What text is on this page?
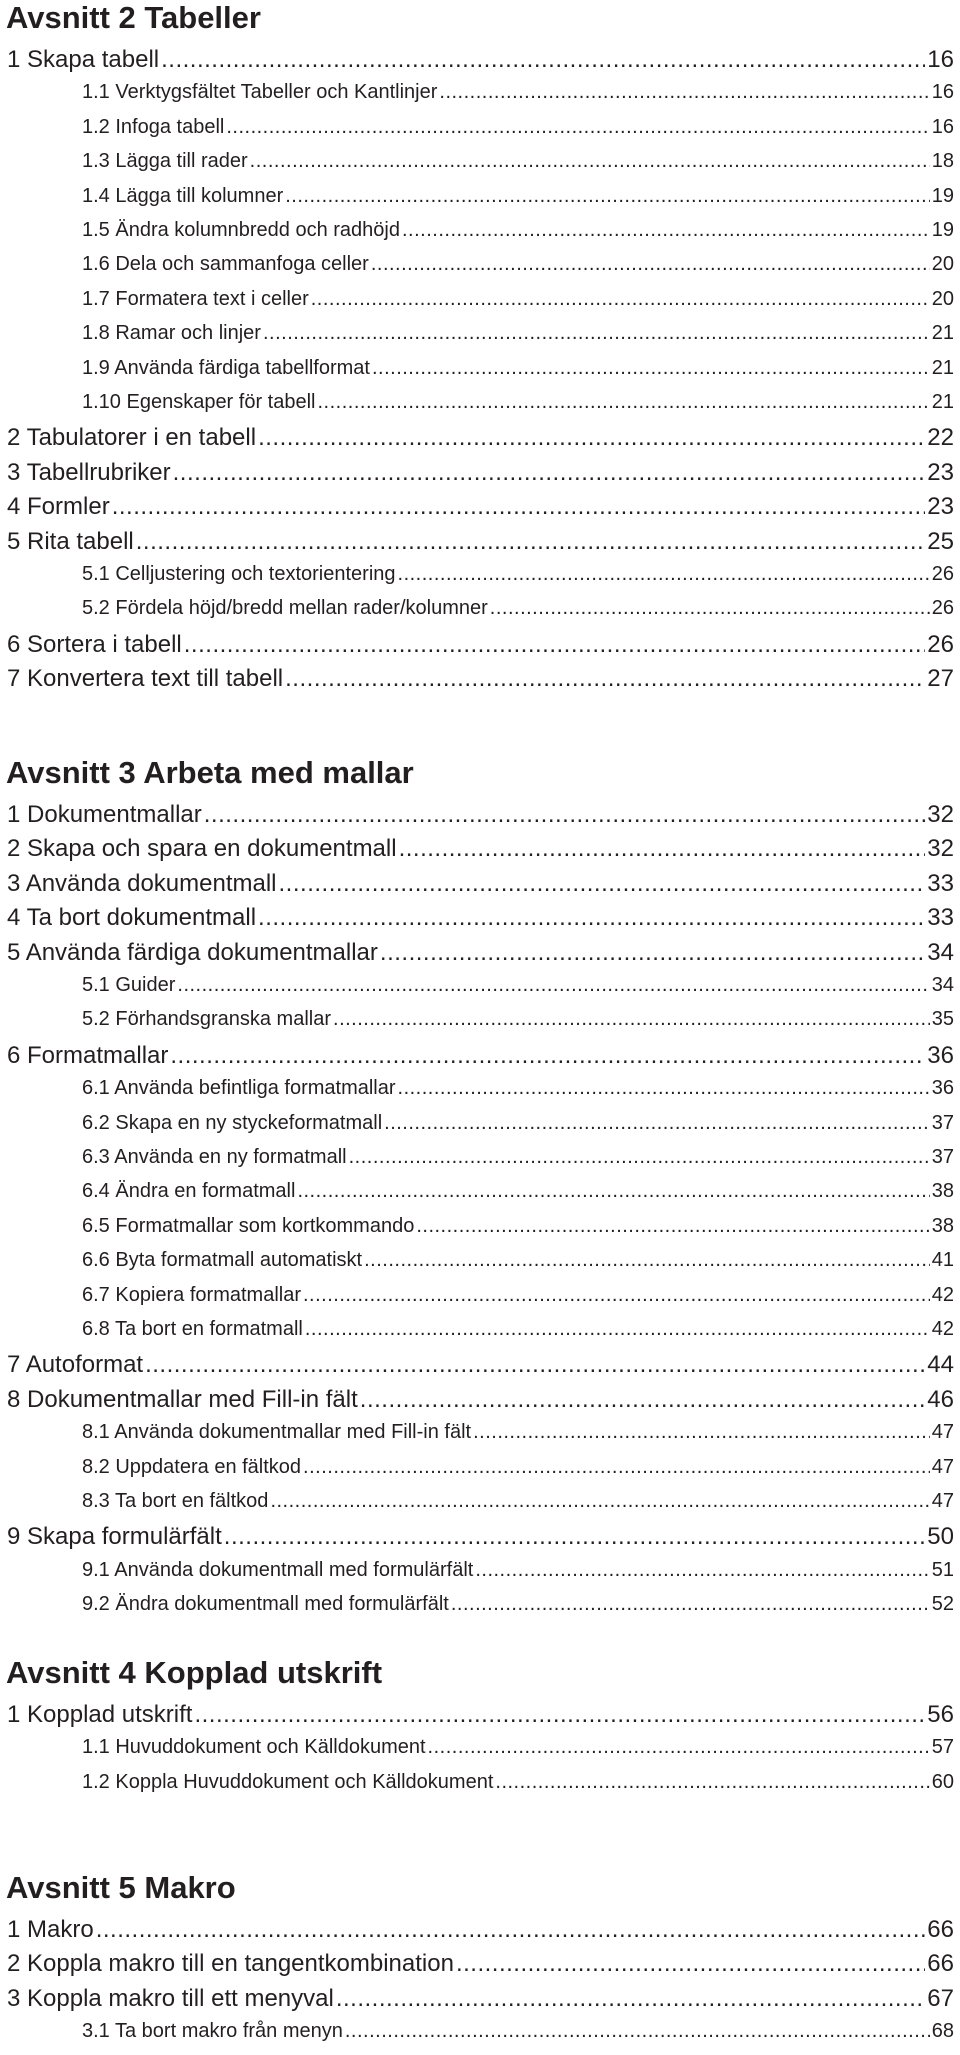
Avsnitt 2 Tabeller
1 Skapa tabell .....	16
1.1 Verktygsfältet Tabeller och Kantlinjer .....	16
1.2 Infoga tabell .....	16
1.3 Lägga till rader .....	18
1.4 Lägga till kolumner .....	19
1.5 Ändra kolumnbredd och radhöjd .....	19
1.6 Dela och sammanfoga celler .....	20
1.7 Formatera text i celler .....	20
1.8 Ramar och linjer .....	21
1.9 Använda färdiga tabellformat .....	21
1.10 Egenskaper för tabell .....	21
2 Tabulatorer i en tabell .....	22
3 Tabellrubriker .....	23
4 Formler .....	23
5 Rita tabell .....	25
5.1 Celljustering och textorientering .....	26
5.2 Fördela höjd/bredd mellan rader/kolumner .....	26
6 Sortera i tabell .....	26
7 Konvertera text till tabell .....	27
Avsnitt 3 Arbeta med mallar
1 Dokumentmallar .....	32
2 Skapa och spara en dokumentmall .....	32
3 Använda dokumentmall .....	33
4 Ta bort dokumentmall .....	33
5 Använda färdiga dokumentmallar .....	34
5.1 Guider .....	34
5.2 Förhandsgranska mallar .....	35
6 Formatmallar .....	36
6.1 Använda befintliga formatmallar .....	36
6.2 Skapa en ny styckeformatmall .....	37
6.3 Använda en ny formatmall .....	37
6.4 Ändra en formatmall .....	38
6.5 Formatmallar som kortkommando .....	38
6.6 Byta formatmall automatiskt .....	41
6.7 Kopiera formatmallar .....	42
6.8 Ta bort en formatmall .....	42
7 Autoformat .....	44
8 Dokumentmallar med Fill-in fält .....	46
8.1 Använda dokumentmallar med Fill-in fält .....	47
8.2 Uppdatera en fältkod .....	47
8.3 Ta bort en fältkod .....	47
9 Skapa formulärfält .....	50
9.1 Använda dokumentmall med formulärfält .....	51
9.2 Ändra dokumentmall med formulärfält .....	52
Avsnitt 4 Kopplad utskrift
1 Kopplad utskrift .....	56
1.1 Huvuddokument och Källdokument .....	57
1.2 Koppla Huvuddokument och Källdokument .....	60
Avsnitt 5 Makro
1 Makro .....	66
2 Koppla makro till en tangentkombination .....	66
3 Koppla makro till ett menyval .....	67
3.1 Ta bort makro från menyn .....	68
